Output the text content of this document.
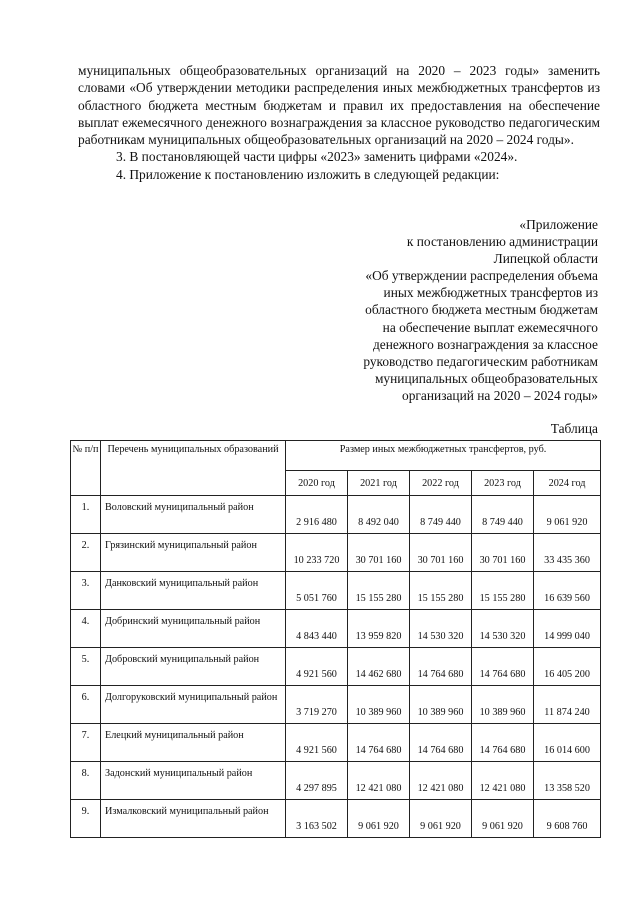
муниципальных общеобразовательных организаций на 2020 – 2023 годы» заменить словами «Об утверждении методики распределения иных межбюджетных трансфертов из областного бюджета местным бюджетам и правил их предоставления на обеспечение выплат ежемесячного денежного вознаграждения за классное руководство педагогическим работникам муниципальных общеобразовательных организаций на 2020 – 2024 годы».

3. В постановляющей части цифры «2023» заменить цифрами «2024».

4. Приложение к постановлению изложить в следующей редакции:

«Приложение
к постановлению администрации
Липецкой области
«Об утверждении распределения объема
иных межбюджетных трансфертов из
областного бюджета местным бюджетам
на обеспечение выплат ежемесячного
денежного вознаграждения за классное
руководство педагогическим работникам
муниципальных общеобразовательных
организаций на 2020 – 2024 годы»
Таблица
№ п/п	Перечень муниципальных образований	Размер иных межбюджетных трансфертов, руб.				
		2020 год	2021 год	2022 год	2023 год	2024 год
1.	Воловский муниципальный район	2 916 480	8 492 040	8 749 440	8 749 440	9 061 920
2.	Грязинский муниципальный район	10 233 720	30 701 160	30 701 160	30 701 160	33 435 360
3.	Данковский муниципальный район	5 051 760	15 155 280	15 155 280	15 155 280	16 639 560
4.	Добринский муниципальный район	4 843 440	13 959 820	14 530 320	14 530 320	14 999 040
5.	Добровский муниципальный район	4 921 560	14 462 680	14 764 680	14 764 680	16 405 200
6.	Долгоруковский муниципальный район	3 719 270	10 389 960	10 389 960	10 389 960	11 874 240
7.	Елецкий муниципальный район	4 921 560	14 764 680	14 764 680	14 764 680	16 014 600
8.	Задонский муниципальный район	4 297 895	12 421 080	12 421 080	12 421 080	13 358 520
9.	Измалковский муниципальный район	3 163 502	9 061 920	9 061 920	9 061 920	9 608 760
